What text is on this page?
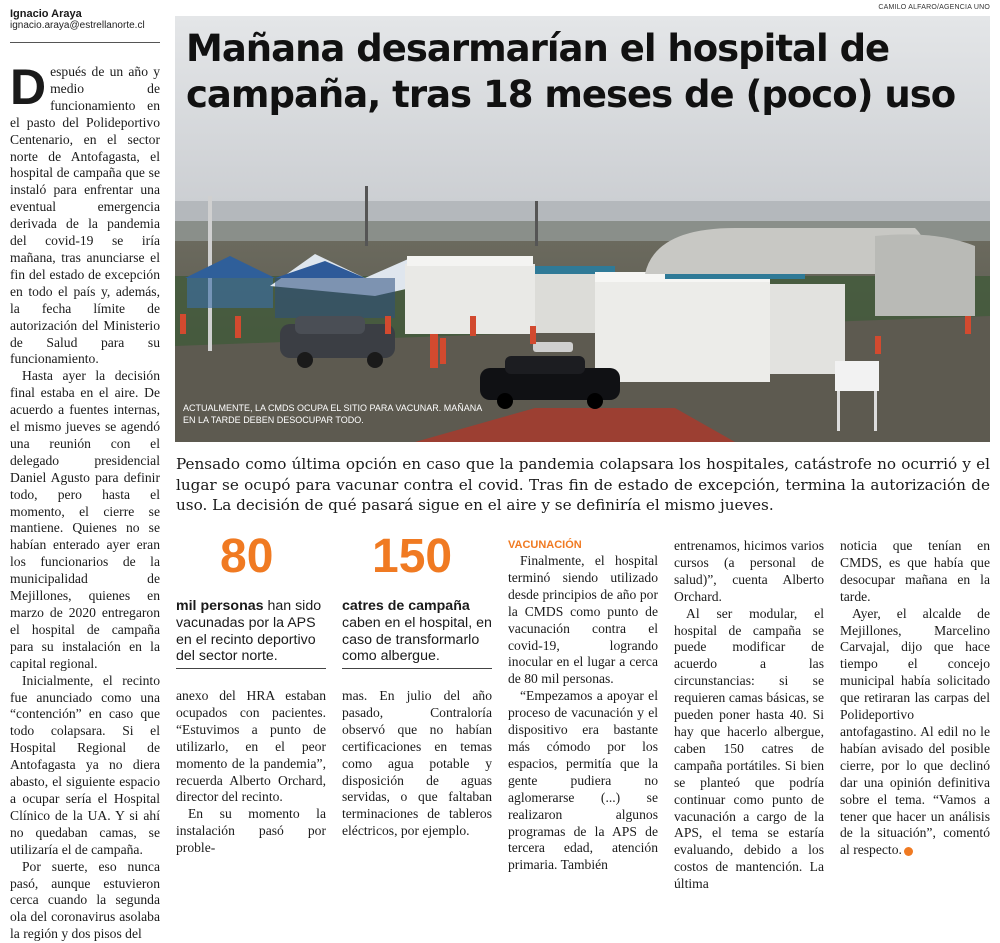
Ignacio Araya
ignacio.araya@estrellanorte.cl

Después de un año y medio de funcionamiento en el pasto del Polideportivo Centenario, en el sector norte de Antofagasta, el hospital de campaña que se instaló para enfrentar una eventual emergencia derivada de la pandemia del covid-19 se iría mañana, tras anunciarse el fin del estado de excepción en todo el país y, además, la fecha límite de autorización del Ministerio de Salud para su funcionamiento.

Hasta ayer la decisión final estaba en el aire. De acuerdo a fuentes internas, el mismo jueves se agendó una reunión con el delegado presidencial Daniel Agusto para definir todo, pero hasta el momento, el cierre se mantiene. Quienes no se habían enterado ayer eran los funcionarios de la municipalidad de Mejillones, quienes en marzo de 2020 entregaron el hospital de campaña para su instalación en la capital regional.

Inicialmente, el recinto fue anunciado como una “contención” en caso que todo colapsara. Si el Hospital Regional de Antofagasta ya no diera abasto, el siguiente espacio a ocupar sería el Hospital Clínico de la UA. Y si ahí no quedaban camas, se utilizaría el de campaña.

Por suerte, eso nunca pasó, aunque estuvieron cerca cuando la segunda ola del coronavirus asolaba la región y dos pisos del

CAMILO ALFARO/AGENCIA UNO
Mañana desarmarían el hospital de campaña, tras 18 meses de (poco) uso
ACTUALMENTE, LA CMDS OCUPA EL SITIO PARA VACUNAR. MAÑANA EN LA TARDE DEBEN DESOCUPAR TODO.
Pensado como última opción en caso que la pandemia colapsara los hospitales, catástrofe no ocurrió y el lugar se ocupó para vacunar contra el covid. Tras fin de estado de excepción, termina la autorización de uso. La decisión de qué pasará sigue en el aire y se definiría el mismo jueves.
80
mil personas han sido vacunadas por la APS en el recinto deportivo del sector norte.
150
catres de campaña caben en el hospital, en caso de transformarlo como albergue.

anexo del HRA estaban ocupados con pacientes. “Estuvimos a punto de utilizarlo, en el peor momento de la pandemia”, recuerda Alberto Orchard, director del recinto.

En su momento la instalación pasó por proble-

mas. En julio del año pasado, Contraloría observó que no habían certificaciones en temas como agua potable y disposición de aguas servidas, o que faltaban terminaciones de tableros eléctricos, por ejemplo.

VACUNACIÓN

Finalmente, el hospital terminó siendo utilizado desde principios de año por la CMDS como punto de vacunación contra el covid-19, logrando inocular en el lugar a cerca de 80 mil personas.

“Empezamos a apoyar el proceso de vacunación y el dispositivo era bastante más cómodo por los espacios, permitía que la gente pudiera no aglomerarse (...) se realizaron algunos programas de la APS de tercera edad, atención primaria. También

entrenamos, hicimos varios cursos (a personal de salud)”, cuenta Alberto Orchard.

Al ser modular, el hospital de campaña se puede modificar de acuerdo a las circunstancias: si se requieren camas básicas, se pueden poner hasta 40. Si hay que hacerlo albergue, caben 150 catres de campaña portátiles. Si bien se planteó que podría continuar como punto de vacunación a cargo de la APS, el tema se estaría evaluando, debido a los costos de mantención. La última

noticia que tenían en CMDS, es que había que desocupar mañana en la tarde.

Ayer, el alcalde de Mejillones, Marcelino Carvajal, dijo que hace tiempo el concejo municipal había solicitado que retiraran las carpas del Polideportivo antofagastino. Al edil no le habían avisado del posible cierre, por lo que declinó dar una opinión definitiva sobre el tema. “Vamos a tener que hacer un análisis de la situación”, comentó al respecto.
